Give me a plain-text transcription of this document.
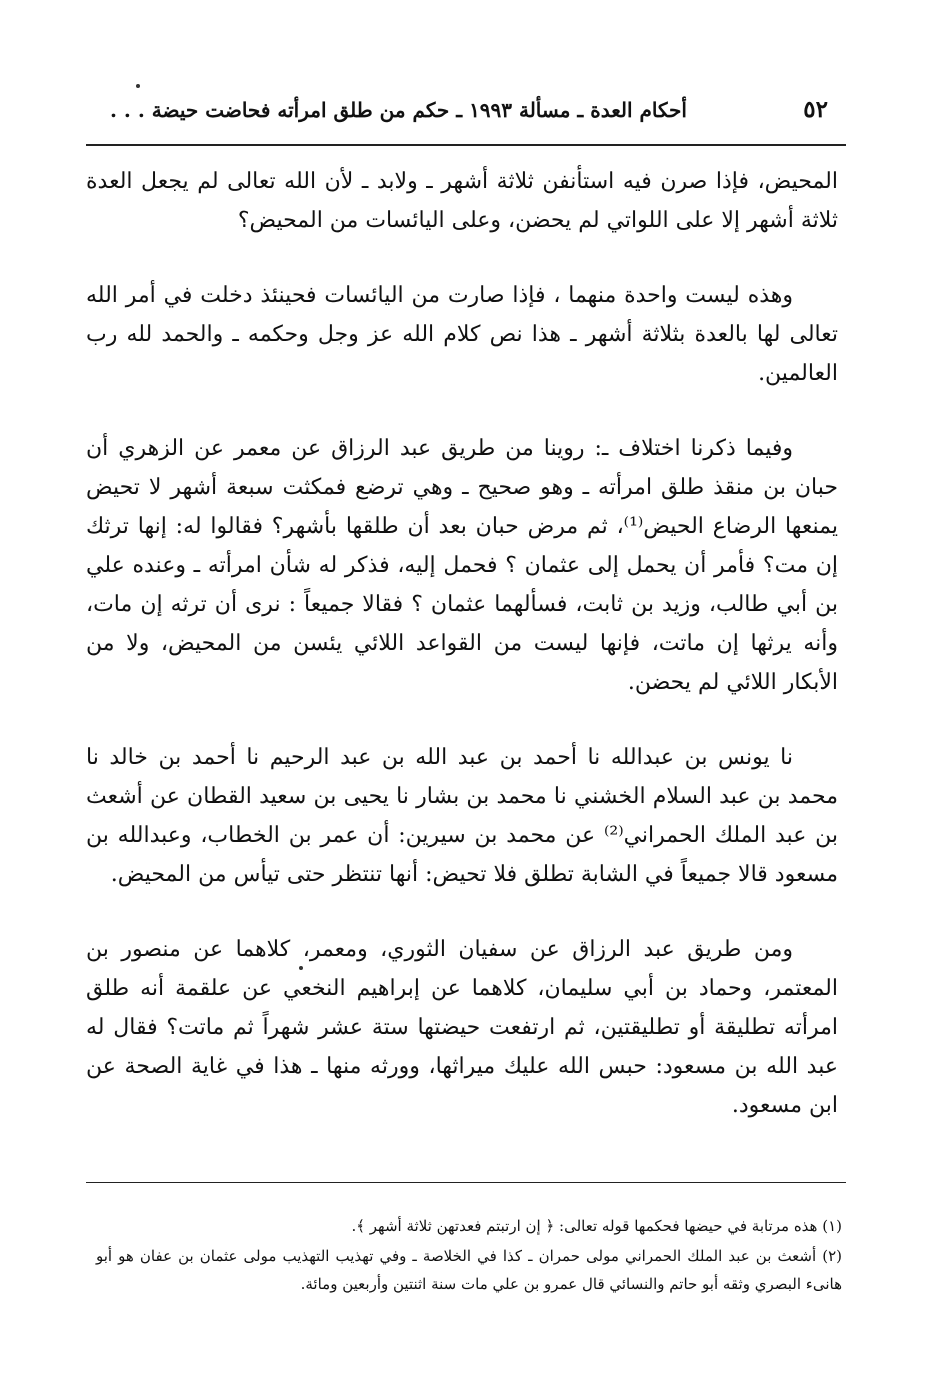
٥٢
أحكام العدة ـ مسألة ١٩٩٣ ـ حكم من طلق امرأته فحاضت حيضة . . .

المحيض، فإذا صرن فيه استأنفن ثلاثة أشهر ـ ولابد ـ لأن الله تعالى لم يجعل العدة ثلاثة أشهر إلا على اللواتي لم يحضن، وعلى اليائسات من المحيض؟

وهذه ليست واحدة منهما ، فإذا صارت من اليائسات فحينئذ دخلت في أمر الله تعالى لها بالعدة بثلاثة أشهر ـ هذا نص كلام الله عز وجل وحكمه ـ والحمد لله رب العالمين.

وفيما ذكرنا اختلاف ـ: روينا من طريق عبد الرزاق عن معمر عن الزهري أن حبان بن منقذ طلق امرأته ـ وهو صحيح ـ وهي ترضع فمكثت سبعة أشهر لا تحيض يمنعها الرضاع الحيض⁽¹⁾، ثم مرض حبان بعد أن طلقها بأشهر؟ فقالوا له: إنها ترثك إن مت؟ فأمر أن يحمل إلى عثمان ؟ فحمل إليه، فذكر له شأن امرأته ـ وعنده علي بن أبي طالب، وزيد بن ثابت، فسألهما عثمان ؟ فقالا جميعاً : نرى أن ترثه إن مات، وأنه يرثها إن ماتت، فإنها ليست من القواعد اللائي يئسن من المحيض، ولا من الأبكار اللائي لم يحضن.

نا يونس بن عبدالله نا أحمد بن عبد الله بن عبد الرحيم نا أحمد بن خالد نا محمد بن عبد السلام الخشني نا محمد بن بشار نا يحيى بن سعيد القطان عن أشعث بن عبد الملك الحمراني⁽²⁾ عن محمد بن سيرين: أن عمر بن الخطاب، وعبدالله بن مسعود قالا جميعاً في الشابة تطلق فلا تحيض: أنها تنتظر حتى تيأس من المحيض.

ومن طريق عبد الرزاق عن سفيان الثوري، ومعمر، كلاهما عن منصور بن المعتمر، وحماد بن أبي سليمان، كلاهما عن إبراهيم النخعي عن علقمة أنه طلق امرأته تطليقة أو تطليقتين، ثم ارتفعت حيضتها ستة عشر شهراً ثم ماتت؟ فقال له عبد الله بن مسعود: حبس الله عليك ميراثها، وورثه منها ـ هذا في غاية الصحة عن ابن مسعود.

(١) هذه مرتابة في حيضها فحكمها قوله تعالى: ﴿ إن ارتبتم فعدتهن ثلاثة أشهر ﴾.

(٢) أشعث بن عبد الملك الحمراني مولى حمران ـ كذا في الخلاصة ـ وفي تهذيب التهذيب مولى عثمان بن عفان هو أبو هانىء البصري وثقه أبو حاتم والنسائي قال عمرو بن علي مات سنة اثنتين وأربعين ومائة.
